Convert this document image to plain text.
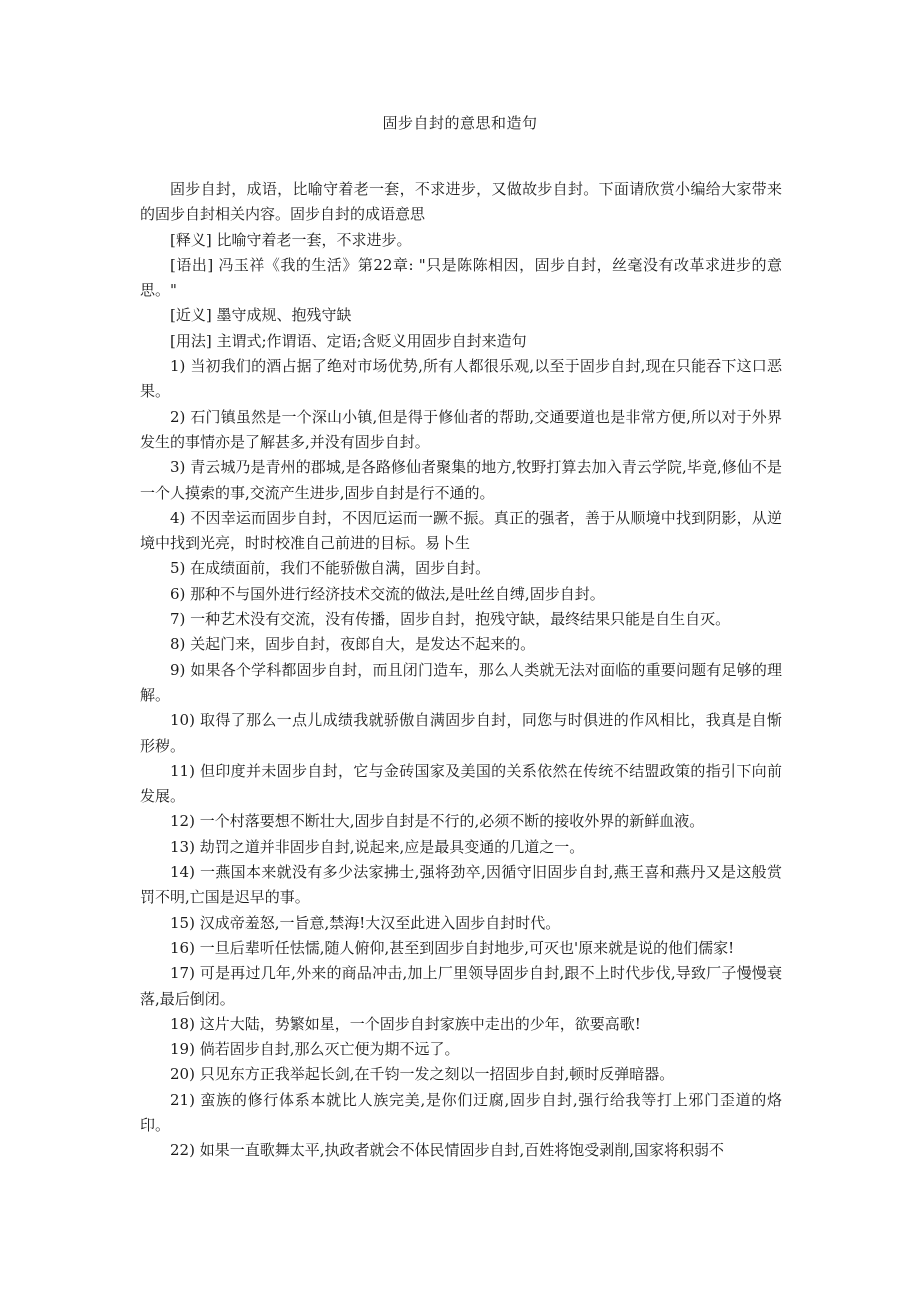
固步自封的意思和造句

固步自封，成语，比喻守着老一套，不求进步，又做故步自封。下面请欣赏小编给大家带来的固步自封相关内容。固步自封的成语意思

[释义] 比喻守着老一套，不求进步。

[语出] 冯玉祥《我的生活》第22章: "只是陈陈相因，固步自封，丝毫没有改革求进步的意思。"

[近义] 墨守成规、抱残守缺

[用法] 主谓式;作谓语、定语;含贬义用固步自封来造句

1) 当初我们的酒占据了绝对市场优势,所有人都很乐观,以至于固步自封,现在只能吞下这口恶果。

2) 石门镇虽然是一个深山小镇,但是得于修仙者的帮助,交通要道也是非常方便,所以对于外界发生的事情亦是了解甚多,并没有固步自封。

3) 青云城乃是青州的郡城,是各路修仙者聚集的地方,牧野打算去加入青云学院,毕竟,修仙不是一个人摸索的事,交流产生进步,固步自封是行不通的。

4) 不因幸运而固步自封，不因厄运而一蹶不振。真正的强者，善于从顺境中找到阴影，从逆境中找到光亮，时时校准自己前进的目标。易卜生

5) 在成绩面前，我们不能骄傲自满，固步自封。

6) 那种不与国外进行经济技术交流的做法,是吐丝自缚,固步自封。

7) 一种艺术没有交流，没有传播，固步自封，抱残守缺，最终结果只能是自生自灭。

8) 关起门来，固步自封，夜郎自大，是发达不起来的。

9) 如果各个学科都固步自封，而且闭门造车，那么人类就无法对面临的重要问题有足够的理解。

10) 取得了那么一点儿成绩我就骄傲自满固步自封，同您与时俱进的作风相比，我真是自惭形秽。

11) 但印度并未固步自封，它与金砖国家及美国的关系依然在传统不结盟政策的指引下向前发展。

12) 一个村落要想不断壮大,固步自封是不行的,必须不断的接收外界的新鲜血液。

13) 劫罚之道并非固步自封,说起来,应是最具变通的几道之一。

14) 一燕国本来就没有多少法家拂士,强将劲卒,因循守旧固步自封,燕王喜和燕丹又是这般赏罚不明,亡国是迟早的事。

15) 汉成帝羞怒,一旨意,禁海!大汉至此进入固步自封时代。

16) 一旦后辈听任怯懦,随人俯仰,甚至到固步自封地步,可灭也'原来就是说的他们儒家!

17) 可是再过几年,外来的商品冲击,加上厂里领导固步自封,跟不上时代步伐,导致厂子慢慢衰落,最后倒闭。

18) 这片大陆，势繁如星，一个固步自封家族中走出的少年，欲要高歌!

19) 倘若固步自封,那么灭亡便为期不远了。

20) 只见东方正我举起长剑,在千钧一发之刻以一招固步自封,顿时反弹暗器。

21) 蛮族的修行体系本就比人族完美,是你们迂腐,固步自封,强行给我等打上邪门歪道的烙印。

22) 如果一直歌舞太平,执政者就会不体民情固步自封,百姓将饱受剥削,国家将积弱不
